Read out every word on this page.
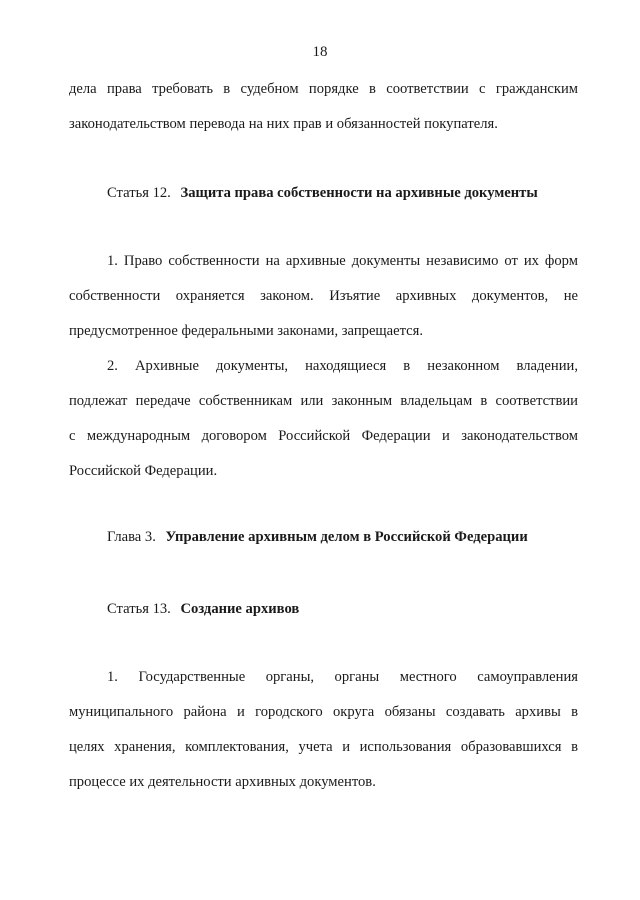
18
дела права требовать в судебном порядке в соответствии с гражданским
законодательством перевода на них прав и обязанностей покупателя.
Статья 12. Защита права собственности на архивные документы
1. Право собственности на архивные документы независимо от их форм
собственности охраняется законом. Изъятие архивных документов, не
предусмотренное федеральными законами, запрещается.
2. Архивные документы, находящиеся в незаконном владении,
подлежат передаче собственникам или законным владельцам в соответствии
с международным договором Российской Федерации и законодательством
Российской Федерации.
Глава 3. Управление архивным делом в Российской Федерации
Статья 13. Создание архивов
1. Государственные органы, органы местного самоуправления
муниципального района и городского округа обязаны создавать архивы в
целях хранения, комплектования, учета и использования образовавшихся в
процессе их деятельности архивных документов.
